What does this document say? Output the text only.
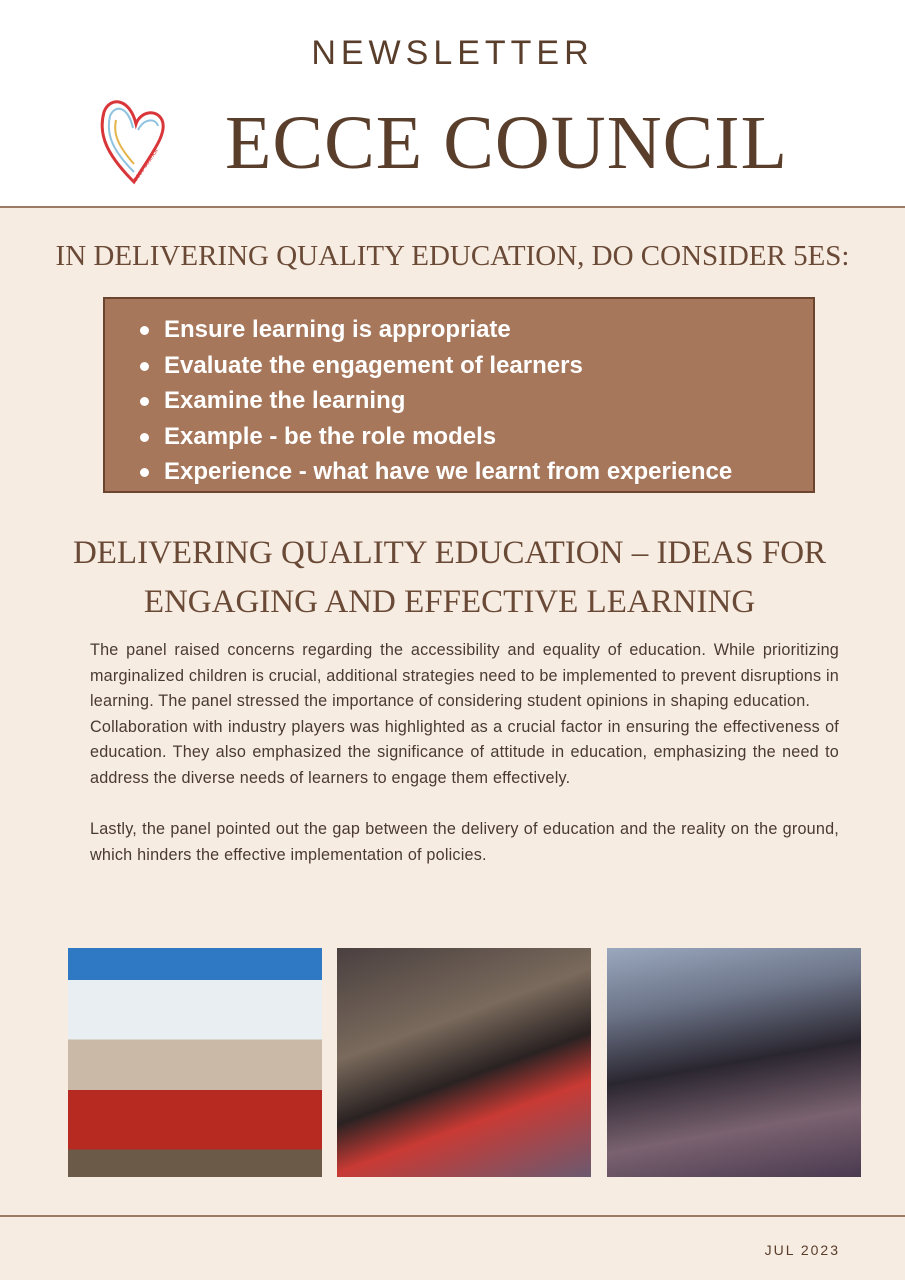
NEWSLETTER
ecce council ECCE COUNCIL
IN DELIVERING QUALITY EDUCATION, DO CONSIDER 5ES:
Ensure learning is appropriate
Evaluate the engagement of learners
Examine the learning
Example - be the role models
Experience - what have we learnt from experience
DELIVERING QUALITY EDUCATION – IDEAS FOR
ENGAGING AND EFFECTIVE LEARNING

The panel raised concerns regarding the accessibility and equality of education. While prioritizing marginalized children is crucial, additional strategies need to be implemented to prevent disruptions in learning. The panel stressed the importance of considering student opinions in shaping education.

Collaboration with industry players was highlighted as a crucial factor in ensuring the effectiveness of education. They also emphasized the significance of attitude in education, emphasizing the need to address the diverse needs of learners to engage them effectively.

Lastly, the panel pointed out the gap between the delivery of education and the reality on the ground, which hinders the effective implementation of policies.

JUL 2023
